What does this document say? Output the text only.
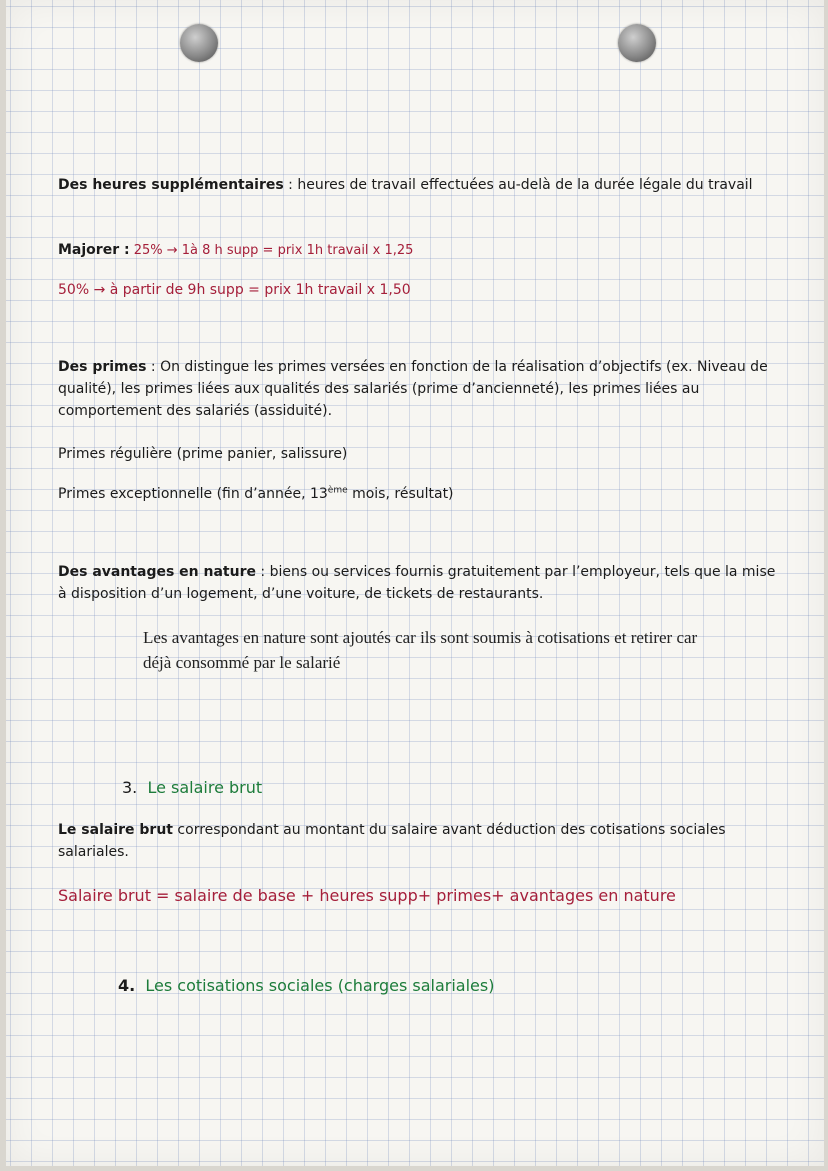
Des heures supplémentaires : heures de travail effectuées au-delà de la durée légale du travail
Majorer : 25% → 1à 8 h supp = prix 1h travail x 1,25
50% → à partir de 9h supp = prix 1h travail x 1,50
Des primes : On distingue les primes versées en fonction de la réalisation d’objectifs (ex. Niveau de qualité), les primes liées aux qualités des salariés (prime d’ancienneté), les primes liées au comportement des salariés (assiduité).
Primes régulière (prime panier, salissure)
Primes exceptionnelle (fin d’année, 13ème mois, résultat)
Des avantages en nature : biens ou services fournis gratuitement par l’employeur, tels que la mise à disposition d’un logement, d’une voiture, de tickets de restaurants.
Les avantages en nature sont ajoutés car ils sont soumis à cotisations et retirer car déjà consommé par le salarié
3. Le salaire brut
Le salaire brut correspondant au montant du salaire avant déduction des cotisations sociales salariales.
Salaire brut = salaire de base + heures supp+ primes+ avantages en nature
4. Les cotisations sociales (charges salariales)
